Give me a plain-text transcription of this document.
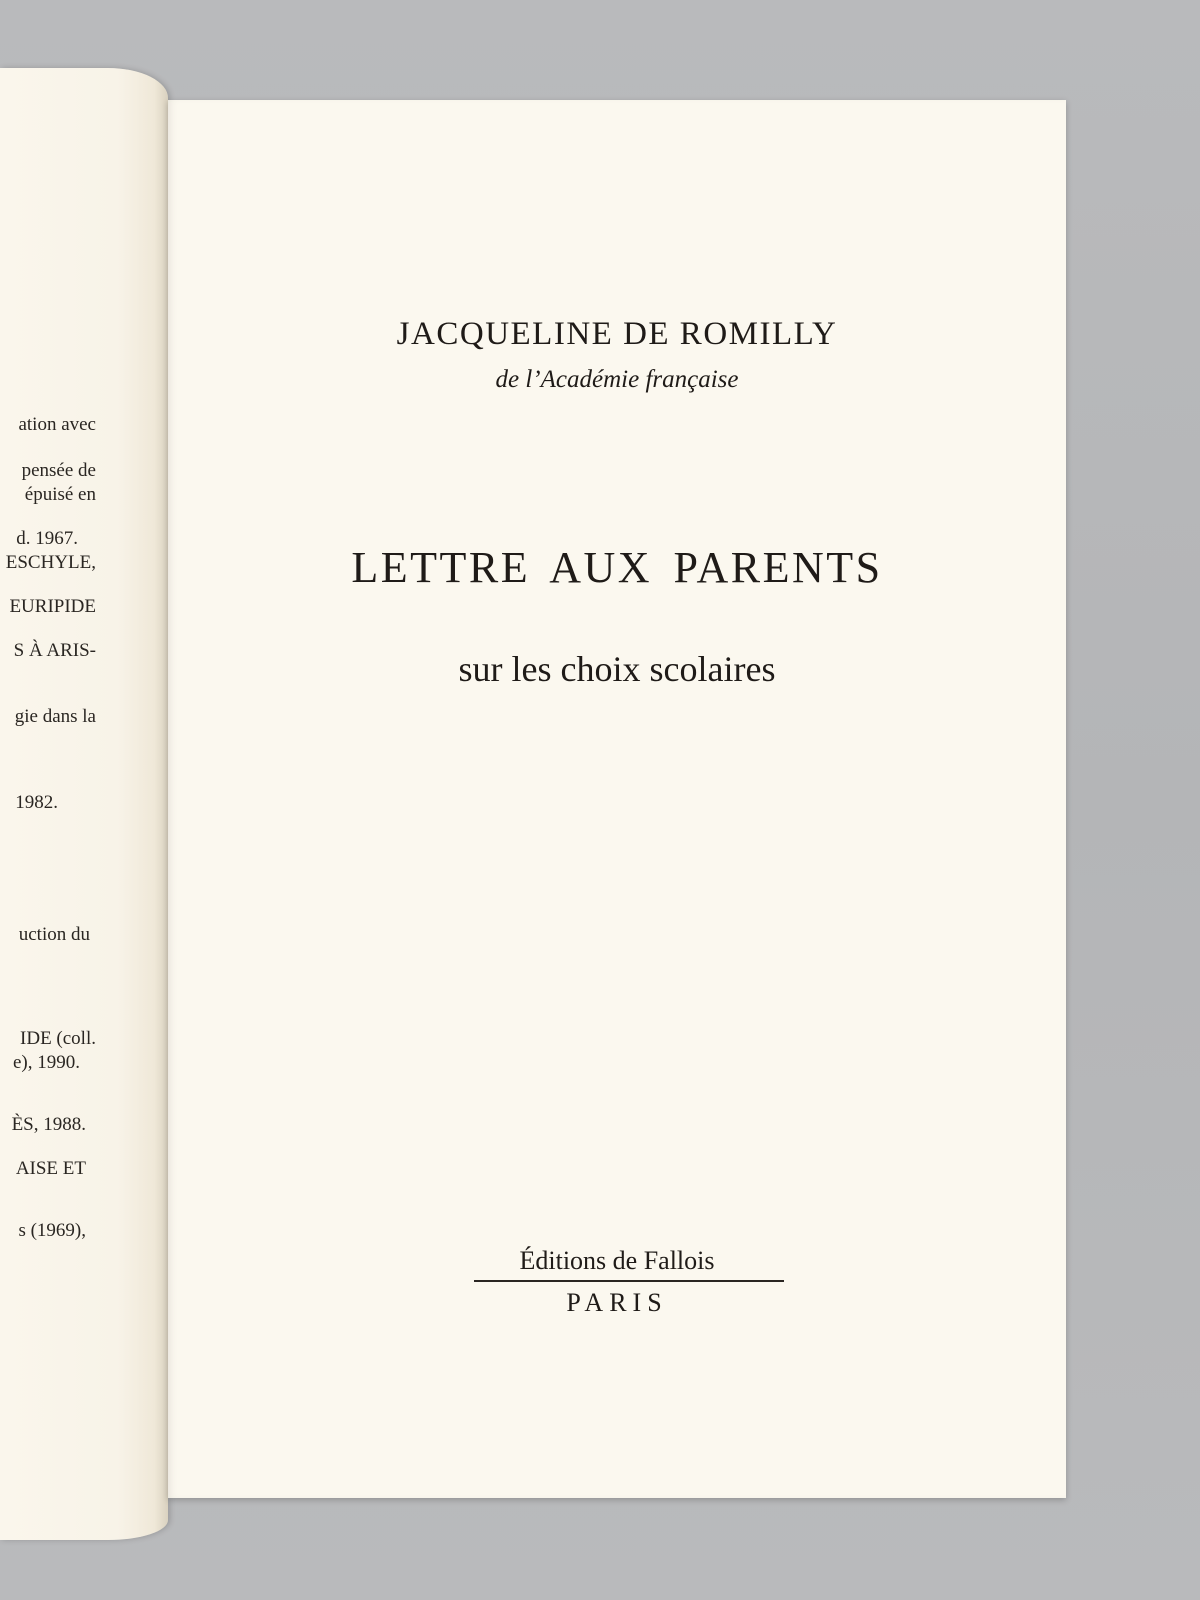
ation avec
pensée de
épuisé en
d. 1967.
ESCHYLE,
EURIPIDE
S À ARIS-
gie dans la
1982.
uction du
IDE (coll.
e), 1990.
ÈS, 1988.
AISE ET
s (1969),
JACQUELINE DE ROMILLY
de l’Académie française
LETTRE AUX PARENTS
sur les choix scolaires
Éditions de Fallois
PARIS
